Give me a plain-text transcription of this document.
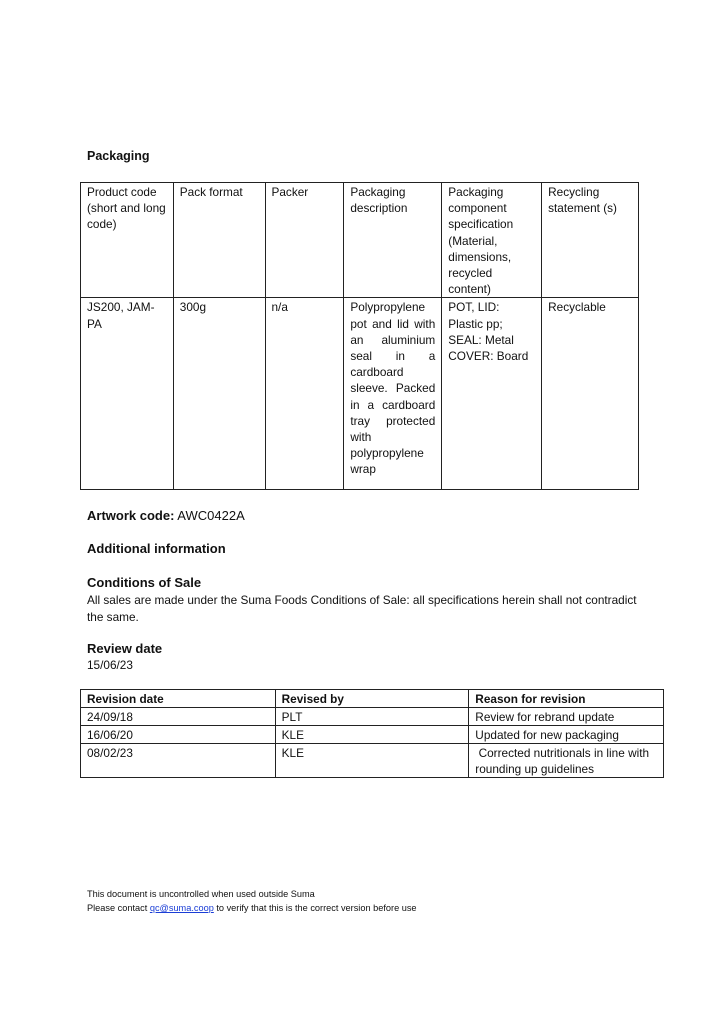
Packaging
Product code (short and long code)	Pack format	Packer	Packaging description	Packaging component specification (Material, dimensions, recycled content)	Recycling statement (s)
JS200, JAM-PA	300g	n/a	Polypropylene pot and lid with an aluminium seal in a cardboard sleeve. Packed in a cardboard tray protected with polypropylene wrap	POT, LID: Plastic pp;
SEAL: Metal
COVER: Board	Recyclable
Artwork code: AWC0422A
Additional information
Conditions of Sale
All sales are made under the Suma Foods Conditions of Sale: all specifications herein shall not contradict the same.
Review date
15/06/23
Revision date	Revised by	Reason for revision
24/09/18	PLT	Review for rebrand update
16/06/20	KLE	Updated for new packaging
08/02/23	KLE	Corrected nutritionals in line with rounding up guidelines
This document is uncontrolled when used outside Suma
Please contact qc@suma.coop to verify that this is the correct version before use
